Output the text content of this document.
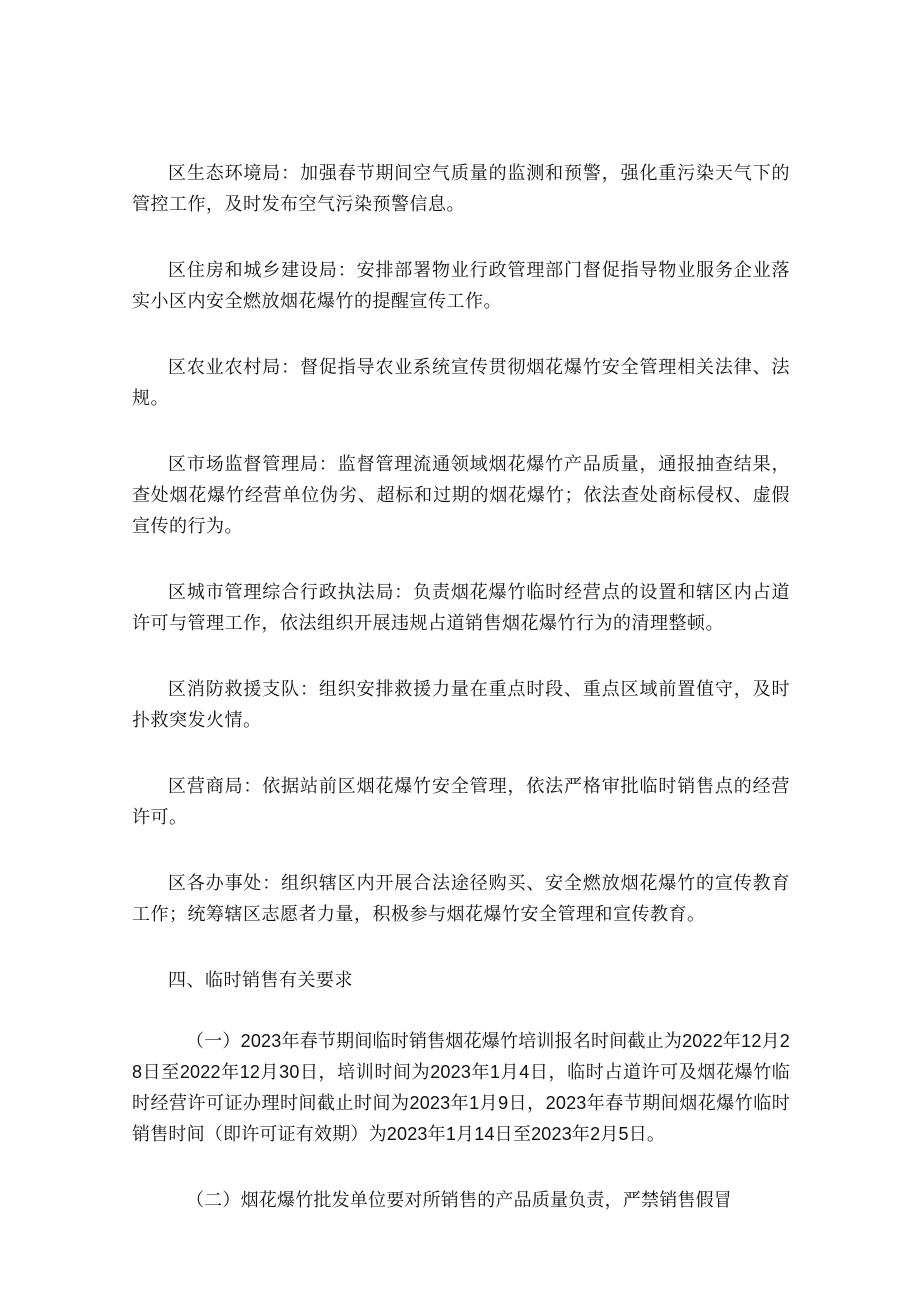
区生态环境局：加强春节期间空气质量的监测和预警，强化重污染天气下的管控工作，及时发布空气污染预警信息。

区住房和城乡建设局：安排部署物业行政管理部门督促指导物业服务企业落实小区内安全燃放烟花爆竹的提醒宣传工作。

区农业农村局：督促指导农业系统宣传贯彻烟花爆竹安全管理相关法律、法规。

区市场监督管理局：监督管理流通领域烟花爆竹产品质量，通报抽查结果，查处烟花爆竹经营单位伪劣、超标和过期的烟花爆竹；依法查处商标侵权、虚假宣传的行为。

区城市管理综合行政执法局：负责烟花爆竹临时经营点的设置和辖区内占道许可与管理工作，依法组织开展违规占道销售烟花爆竹行为的清理整顿。

区消防救援支队：组织安排救援力量在重点时段、重点区域前置值守，及时扑救突发火情。

区营商局：依据站前区烟花爆竹安全管理，依法严格审批临时销售点的经营许可。

区各办事处：组织辖区内开展合法途径购买、安全燃放烟花爆竹的宣传教育工作；统筹辖区志愿者力量，积极参与烟花爆竹安全管理和宣传教育。

四、临时销售有关要求

（一）2023年春节期间临时销售烟花爆竹培训报名时间截止为2022年12月28日至2022年12月30日，培训时间为2023年1月4日，临时占道许可及烟花爆竹临时经营许可证办理时间截止时间为2023年1月9日，2023年春节期间烟花爆竹临时销售时间（即许可证有效期）为2023年1月14日至2023年2月5日。

（二）烟花爆竹批发单位要对所销售的产品质量负责，严禁销售假冒
